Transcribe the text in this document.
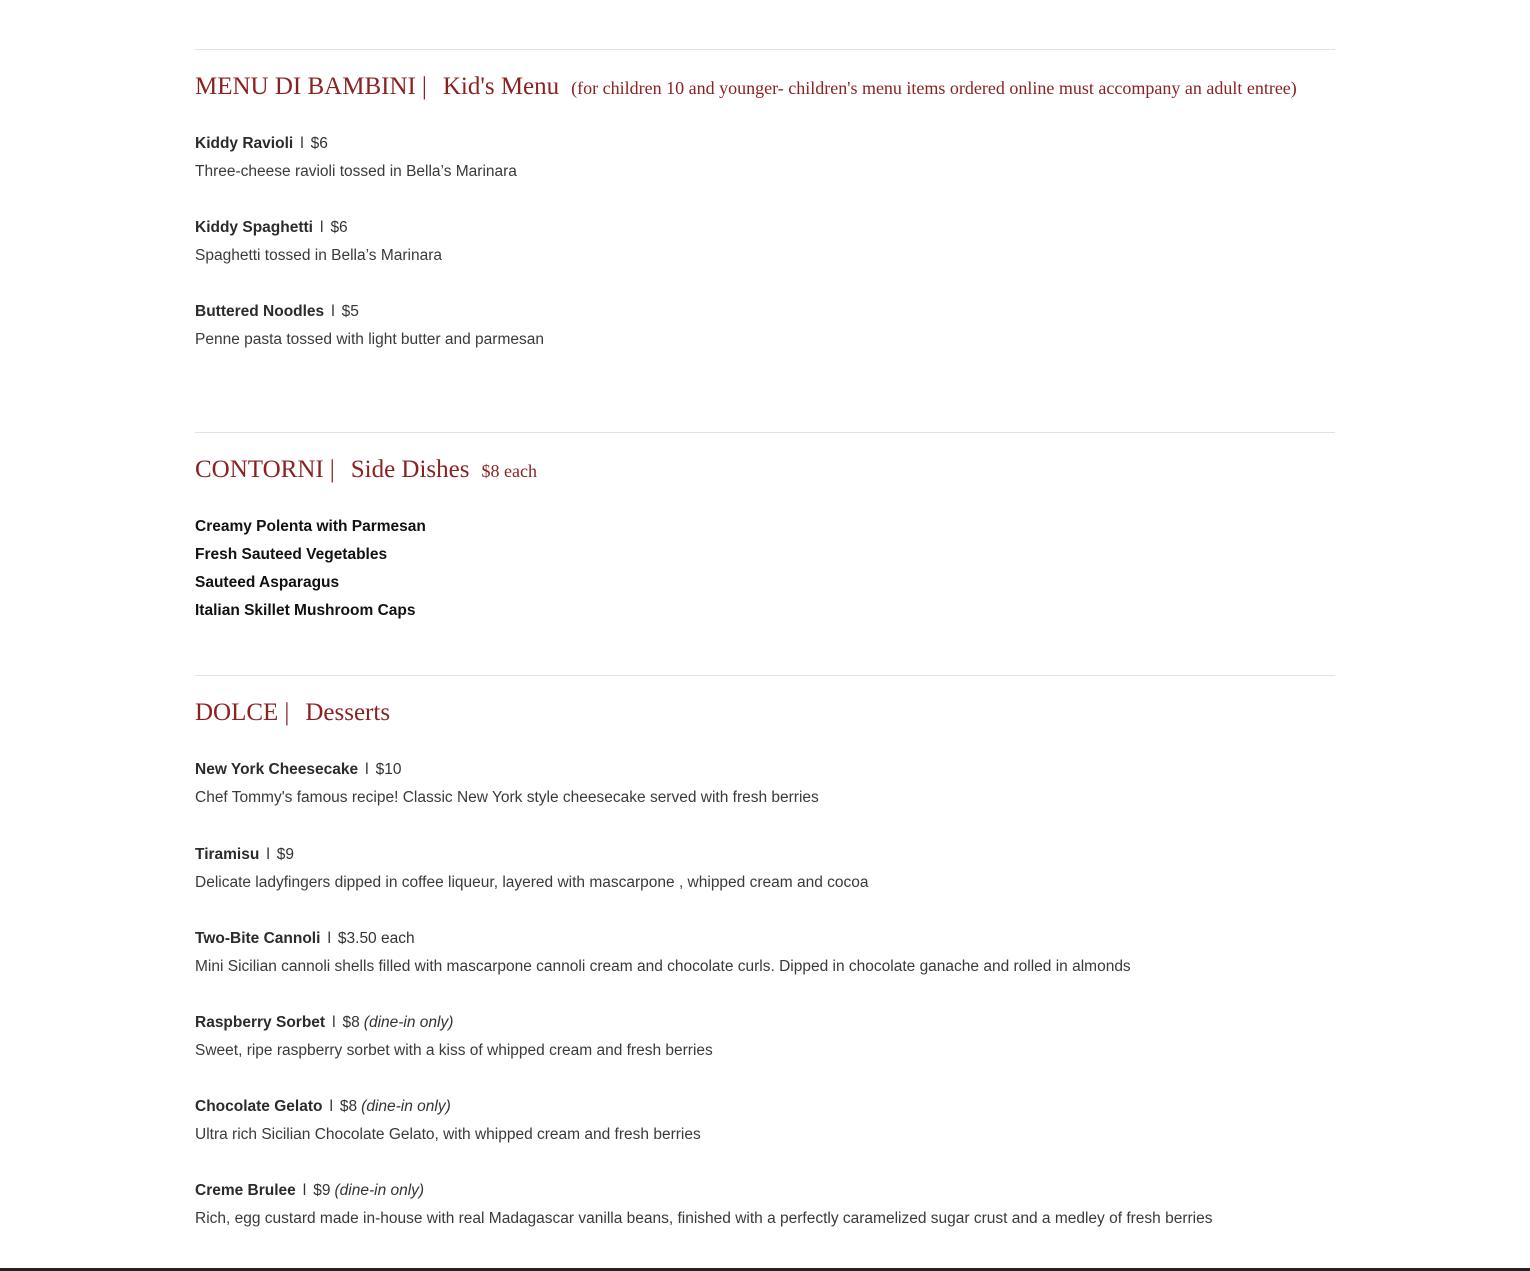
MENU DI BAMBINI | Kid's Menu (for children 10 and younger- children's menu items ordered online must accompany an adult entree)
Kiddy Ravioli l $6
Three-cheese ravioli tossed in Bella’s Marinara
Kiddy Spaghetti l $6
Spaghetti tossed in Bella’s Marinara
Buttered Noodles l $5
Penne pasta tossed with light butter and parmesan
CONTORNI | Side Dishes $8 each
Creamy Polenta with Parmesan
Fresh Sauteed Vegetables
Sauteed Asparagus
Italian Skillet Mushroom Caps
DOLCE | Desserts
New York Cheesecake l $10
Chef Tommy's famous recipe! Classic New York style cheesecake served with fresh berries
Tiramisu l $9
Delicate ladyfingers dipped in coffee liqueur, layered with mascarpone , whipped cream and cocoa
Two-Bite Cannoli l $3.50 each
Mini Sicilian cannoli shells filled with mascarpone cannoli cream and chocolate curls. Dipped in chocolate ganache and rolled in almonds
Raspberry Sorbet l $8 (dine-in only)
Sweet, ripe raspberry sorbet with a kiss of whipped cream and fresh berries
Chocolate Gelato l $8 (dine-in only)
Ultra rich Sicilian Chocolate Gelato, with whipped cream and fresh berries
Creme Brulee l $9 (dine-in only)
Rich, egg custard made in-house with real Madagascar vanilla beans, finished with a perfectly caramelized sugar crust and a medley of fresh berries
